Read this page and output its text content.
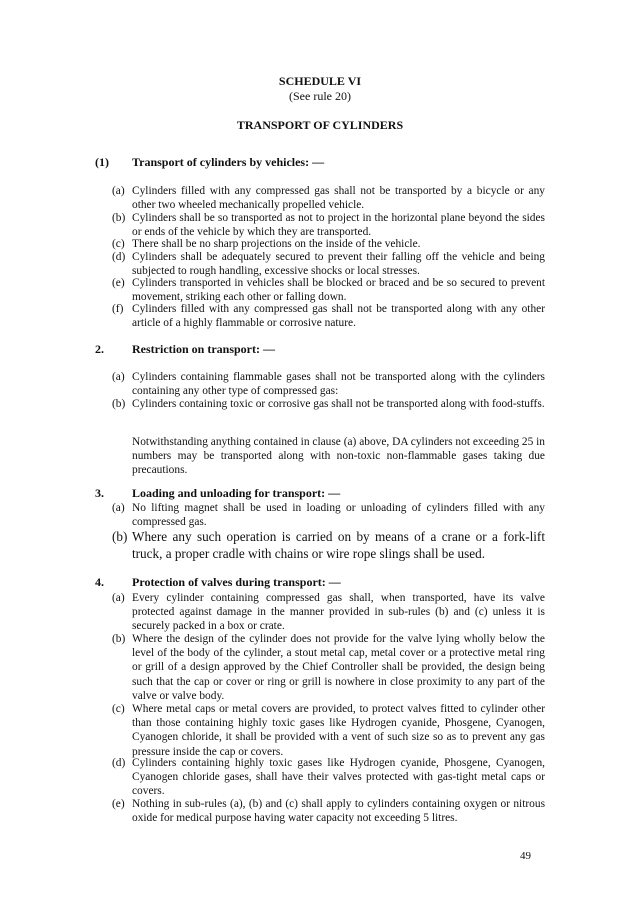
SCHEDULE VI
(See rule 20)
TRANSPORT OF CYLINDERS
(1) Transport of cylinders by vehicles: —
(a) Cylinders filled with any compressed gas shall not be transported by a bicycle or any other two wheeled mechanically propelled vehicle.
(b) Cylinders shall be so transported as not to project in the horizontal plane beyond the sides or ends of the vehicle by which they are transported.
(c) There shall be no sharp projections on the inside of the vehicle.
(d) Cylinders shall be adequately secured to prevent their falling off the vehicle and being subjected to rough handling, excessive shocks or local stresses.
(e) Cylinders transported in vehicles shall be blocked or braced and be so secured to prevent movement, striking each other or falling down.
(f) Cylinders filled with any compressed gas shall not be transported along with any other article of a highly flammable or corrosive nature.
2. Restriction on transport: —
(a) Cylinders containing flammable gases shall not be transported along with the cylinders containing any other type of compressed gas:
(b) Cylinders containing toxic or corrosive gas shall not be transported along with food-stuffs.
Notwithstanding anything contained in clause (a) above, DA cylinders not exceeding 25 in numbers may be transported along with non-toxic non-flammable gases taking due precautions.
3. Loading and unloading for transport: —
(a) No lifting magnet shall be used in loading or unloading of cylinders filled with any compressed gas.
(b) Where any such operation is carried on by means of a crane or a fork-lift truck, a proper cradle with chains or wire rope slings shall be used.
4. Protection of valves during transport: —
(a) Every cylinder containing compressed gas shall, when transported, have its valve protected against damage in the manner provided in sub-rules (b) and (c) unless it is securely packed in a box or crate.
(b) Where the design of the cylinder does not provide for the valve lying wholly below the level of the body of the cylinder, a stout metal cap, metal cover or a protective metal ring or grill of a design approved by the Chief Controller shall be provided, the design being such that the cap or cover or ring or grill is nowhere in close proximity to any part of the valve or valve body.
(c) Where metal caps or metal covers are provided, to protect valves fitted to cylinder other than those containing highly toxic gases like Hydrogen cyanide, Phosgene, Cyanogen, Cyanogen chloride, it shall be provided with a vent of such size so as to prevent any gas pressure inside the cap or covers.
(d) Cylinders containing highly toxic gases like Hydrogen cyanide, Phosgene, Cyanogen, Cyanogen chloride gases, shall have their valves protected with gas-tight metal caps or covers.
(e) Nothing in sub-rules (a), (b) and (c) shall apply to cylinders containing oxygen or nitrous oxide for medical purpose having water capacity not exceeding 5 litres.
49
